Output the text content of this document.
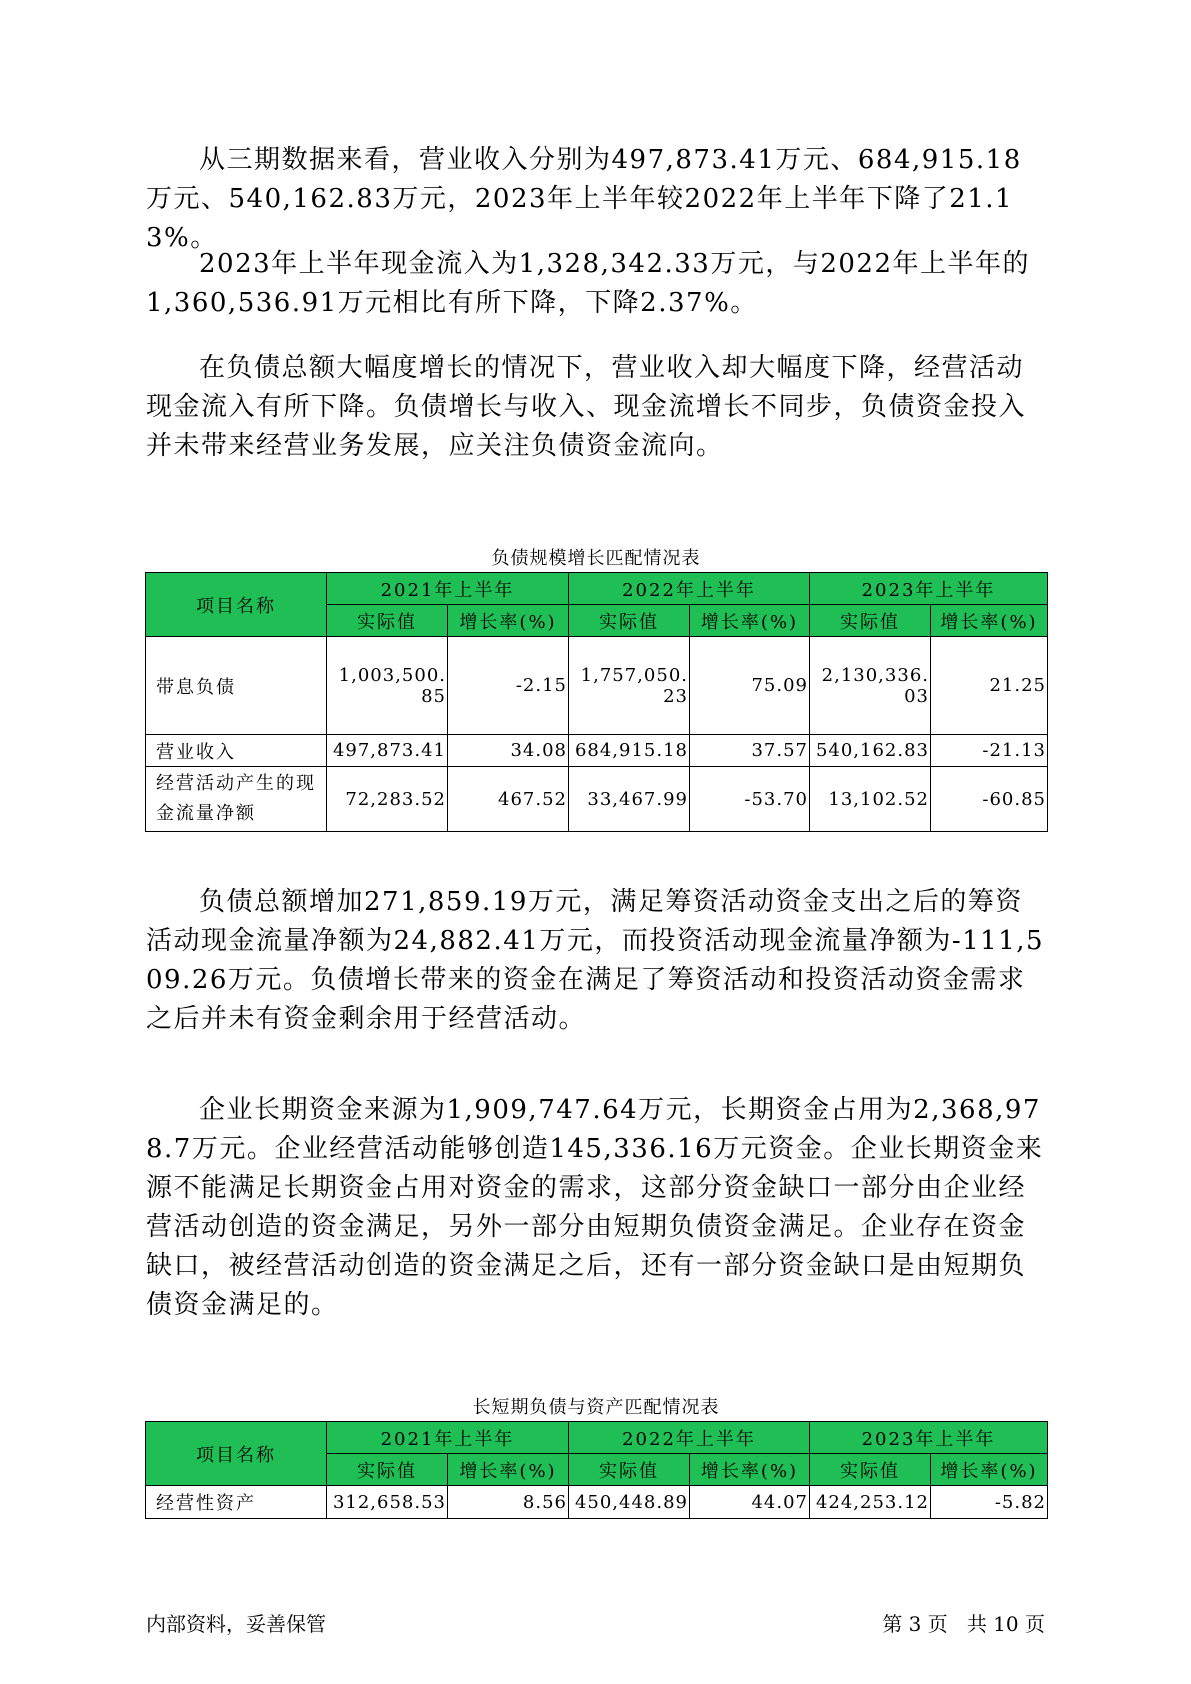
从三期数据来看，营业收入分别为497,873.41万元、684,915.18万元、540,162.83万元，2023年上半年较2022年上半年下降了21.13%。

2023年上半年现金流入为1,328,342.33万元，与2022年上半年的1,360,536.91万元相比有所下降，下降2.37%。

在负债总额大幅度增长的情况下，营业收入却大幅度下降，经营活动现金流入有所下降。负债增长与收入、现金流增长不同步，负债资金投入并未带来经营业务发展，应关注负债资金流向。

负债规模增长匹配情况表

项目名称	2021年上半年		2022年上半年		2023年上半年	
	实际值	增长率(%)	实际值	增长率(%)	实际值	增长率(%)
带息负债	1,003,500.85	-2.15	1,757,050.23	75.09	2,130,336.03	21.25
营业收入	497,873.41	34.08	684,915.18	37.57	540,162.83	-21.13
经营活动产生的现金流量净额	72,283.52	467.52	33,467.99	-53.70	13,102.52	-60.85

负债总额增加271,859.19万元，满足筹资活动资金支出之后的筹资活动现金流量净额为24,882.41万元，而投资活动现金流量净额为-111,509.26万元。负债增长带来的资金在满足了筹资活动和投资活动资金需求之后并未有资金剩余用于经营活动。

企业长期资金来源为1,909,747.64万元，长期资金占用为2,368,978.7万元。企业经营活动能够创造145,336.16万元资金。企业长期资金来源不能满足长期资金占用对资金的需求，这部分资金缺口一部分由企业经营活动创造的资金满足，另外一部分由短期负债资金满足。企业存在资金缺口，被经营活动创造的资金满足之后，还有一部分资金缺口是由短期负债资金满足的。

长短期负债与资产匹配情况表

项目名称	2021年上半年		2022年上半年		2023年上半年	
	实际值	增长率(%)	实际值	增长率(%)	实际值	增长率(%)
经营性资产	312,658.53	8.56	450,448.89	44.07	424,253.12	-5.82

内部资料，妥善保管	第 3 页   共 10 页
